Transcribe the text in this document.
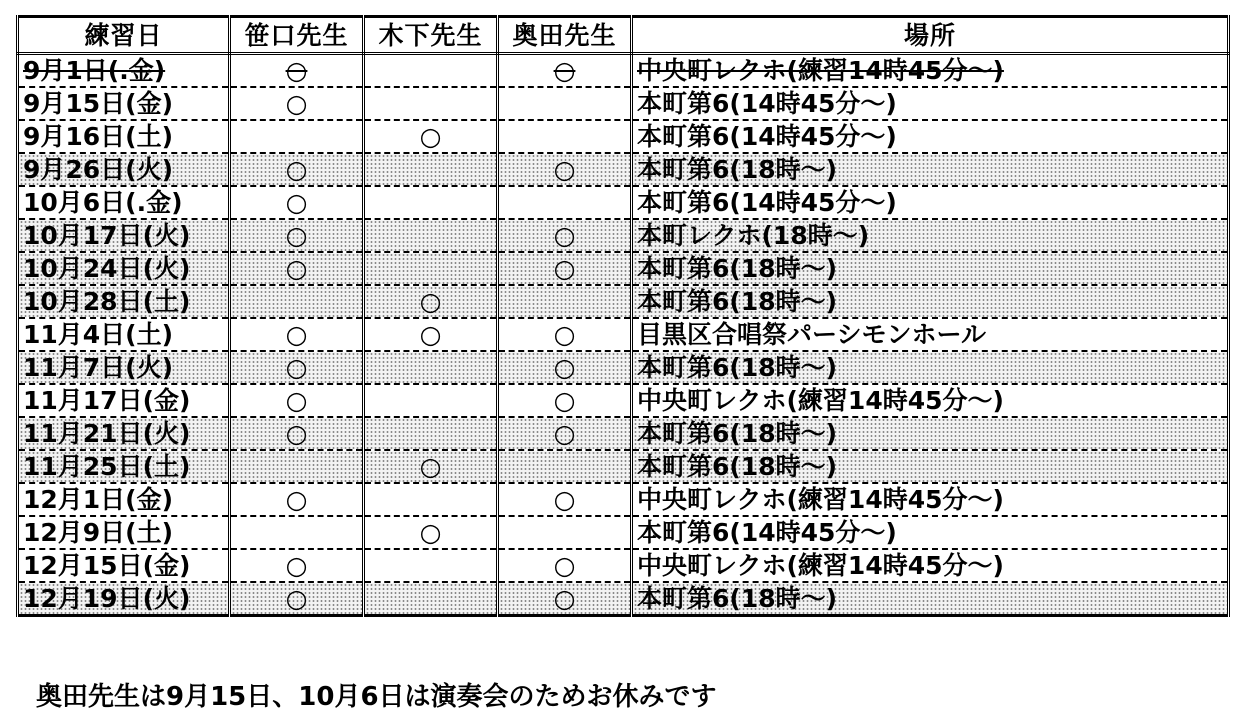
練習日	笹口先生	木下先生	奥田先生	場所
9月1日(.金)	○		○	中央町レクホ(練習14時45分～)
9月15日(金)	○			本町第6(14時45分～)
9月16日(土)		○		本町第6(14時45分～)
9月26日(火)	○		○	本町第6(18時～)
10月6日(.金)	○			本町第6(14時45分～)
10月17日(火)	○		○	本町レクホ(18時～)
10月24日(火)	○		○	本町第6(18時～)
10月28日(土)		○		本町第6(18時～)
11月4日(土)	○	○	○	目黒区合唱祭パーシモンホール
11月7日(火)	○		○	本町第6(18時～)
11月17日(金)	○		○	中央町レクホ(練習14時45分～)
11月21日(火)	○		○	本町第6(18時～)
11月25日(土)		○		本町第6(18時～)
12月1日(金)	○		○	中央町レクホ(練習14時45分～)
12月9日(土)		○		本町第6(14時45分～)
12月15日(金)	○		○	中央町レクホ(練習14時45分～)
12月19日(火)	○		○	本町第6(18時～)
奥田先生は9月15日、10月6日は演奏会のためお休みです
